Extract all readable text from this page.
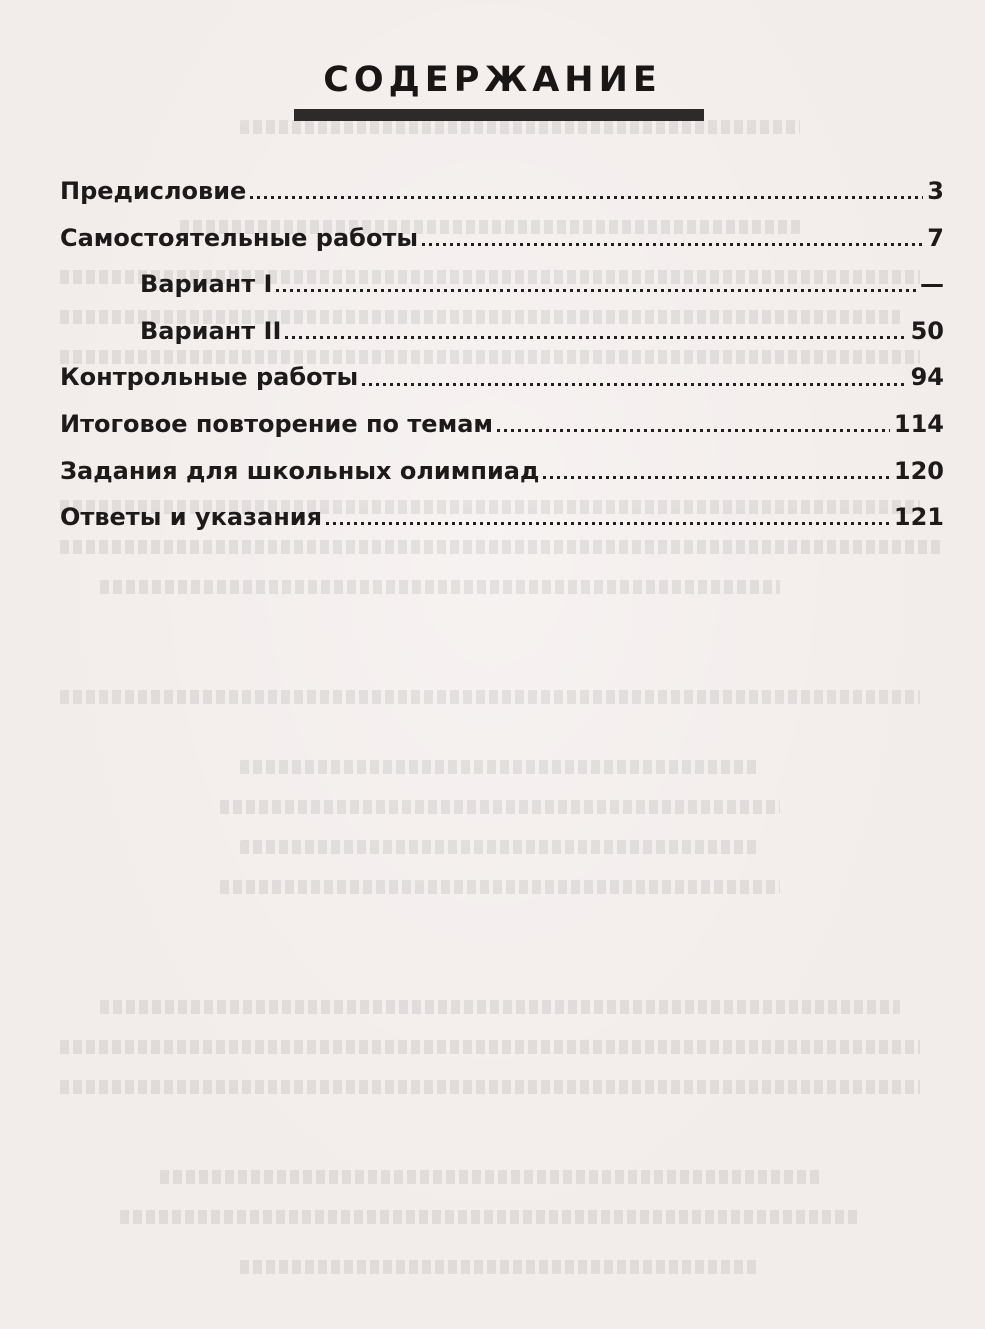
СОДЕРЖАНИЕ
Предисловие	3
Самостоятельные работы	7
Вариант I	—
Вариант II	50
Контрольные работы	94
Итоговое повторение по темам	114
Задания для школьных олимпиад	120
Ответы и указания	121
